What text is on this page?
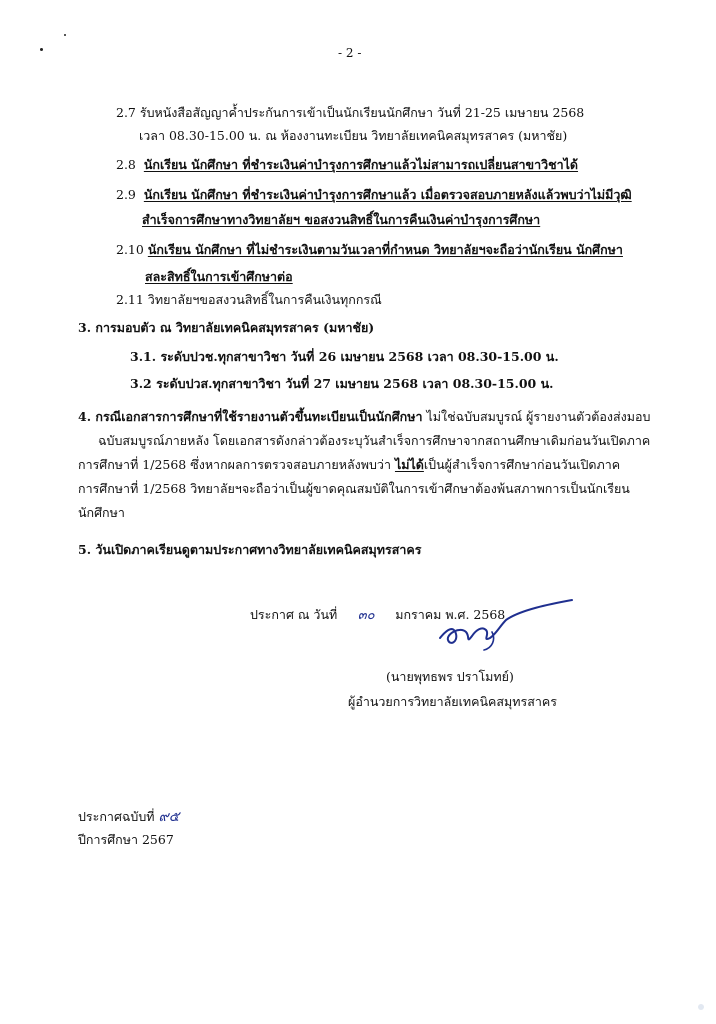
- 2 -
2.7 รับหนังสือสัญญาค้ำประกันการเข้าเป็นนักเรียนนักศึกษา วันที่ 21-25 เมษายน 2568
เวลา 08.30-15.00 น. ณ ห้องงานทะเบียน วิทยาลัยเทคนิคสมุทรสาคร (มหาชัย)
2.8 นักเรียน นักศึกษา ที่ชำระเงินค่าบำรุงการศึกษาแล้วไม่สามารถเปลี่ยนสาขาวิชาได้
2.9 นักเรียน นักศึกษา ที่ชำระเงินค่าบำรุงการศึกษาแล้ว เมื่อตรวจสอบภายหลังแล้วพบว่าไม่มีวุฒิ
สำเร็จการศึกษาทางวิทยาลัยฯ ขอสงวนสิทธิ์ในการคืนเงินค่าบำรุงการศึกษา
2.10 นักเรียน นักศึกษา ที่ไม่ชำระเงินตามวันเวลาที่กำหนด วิทยาลัยฯจะถือว่านักเรียน นักศึกษา
สละสิทธิ์ในการเข้าศึกษาต่อ
2.11 วิทยาลัยฯขอสงวนสิทธิ์ในการคืนเงินทุกกรณี
3. การมอบตัว ณ วิทยาลัยเทคนิคสมุทรสาคร (มหาชัย)
3.1. ระดับปวช.ทุกสาขาวิชา วันที่ 26 เมษายน 2568 เวลา 08.30-15.00 น.
3.2 ระดับปวส.ทุกสาขาวิชา วันที่ 27 เมษายน 2568 เวลา 08.30-15.00 น.
4. กรณีเอกสารการศึกษาที่ใช้รายงานตัวขึ้นทะเบียนเป็นนักศึกษา ไม่ใช่ฉบับสมบูรณ์ ผู้รายงานตัวต้องส่งมอบ
ฉบับสมบูรณ์ภายหลัง โดยเอกสารดังกล่าวต้องระบุวันสำเร็จการศึกษาจากสถานศึกษาเดิมก่อนวันเปิดภาค
การศึกษาที่ 1/2568 ซึ่งหากผลการตรวจสอบภายหลังพบว่า ไม่ได้เป็นผู้สำเร็จการศึกษาก่อนวันเปิดภาค
การศึกษาที่ 1/2568 วิทยาลัยฯจะถือว่าเป็นผู้ขาดคุณสมบัติในการเข้าศึกษาต้องพ้นสภาพการเป็นนักเรียน
นักศึกษา
5. วันเปิดภาคเรียนดูตามประกาศทางวิทยาลัยเทคนิคสมุทรสาคร
ประกาศ ณ วันที่ ๓๐ มกราคม พ.ศ. 2568
(นายพุทธพร ปราโมทย์)
ผู้อำนวยการวิทยาลัยเทคนิคสมุทรสาคร
ประกาศฉบับที่ ๙๕
ปีการศึกษา 2567
